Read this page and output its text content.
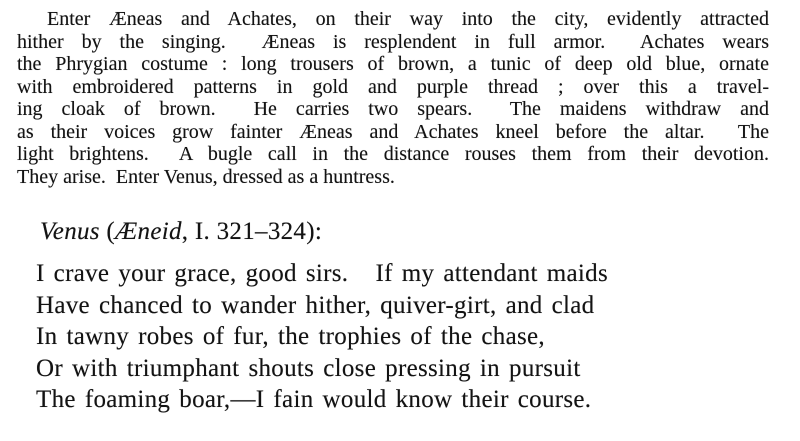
Enter Æneas and Achates, on their way into the city, evidently attracted
hither by the singing.  Æneas is resplendent in full armor.  Achates wears
the Phrygian costume : long trousers of brown, a tunic of deep old blue, ornate
with embroidered patterns in gold and purple thread ; over this a travel-
ing cloak of brown.  He carries two spears.  The maidens withdraw and
as their voices grow fainter Æneas and Achates kneel before the altar.  The
light brightens.  A bugle call in the distance rouses them from their devotion.
They arise.  Enter Venus, dressed as a huntress.
Venus (Æneid, I. 321–324):
I crave your grace, good sirs.   If my attendant maids
Have chanced to wander hither, quiver-girt, and clad
In tawny robes of fur, the trophies of the chase,
Or with triumphant shouts close pressing in pursuit
The foaming boar,—I fain would know their course.
